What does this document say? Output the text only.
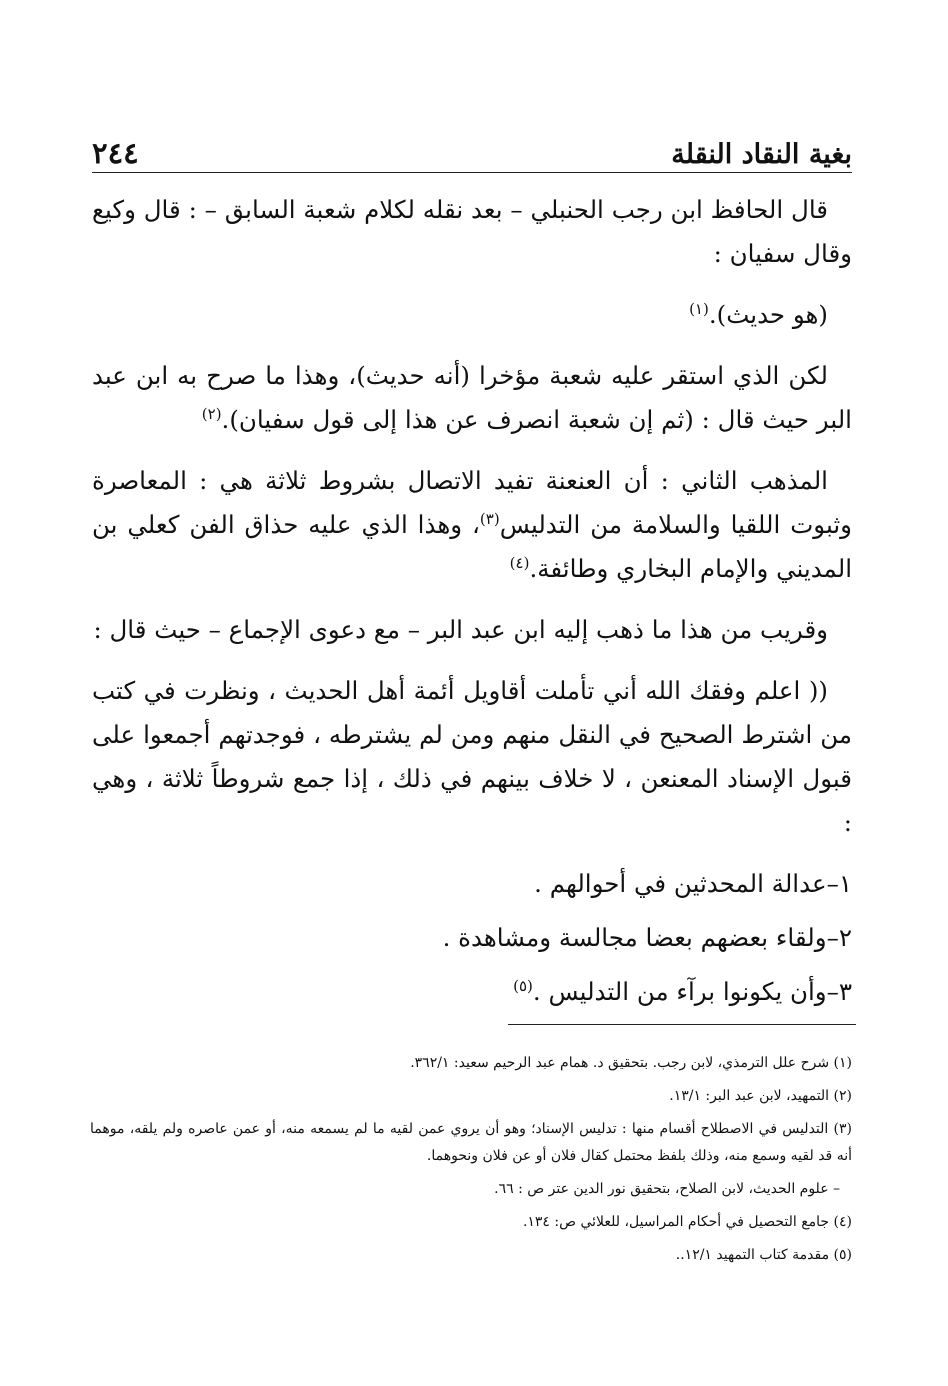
٢٤٤	بغية النقاد النقلة

قال الحافظ ابن رجب الحنبلي – بعد نقله لكلام شعبة السابق – : قال وكيع وقال سفيان :

(هو حديث).$^{(١)}$

لكن الذي استقر عليه شعبة مؤخرا (أنه حديث)، وهذا ما صرح به ابن عبد البر حيث قال : (ثم إن شعبة انصرف عن هذا إلى قول سفيان).$^{(٢)}$

المذهب الثاني : أن العنعنة تفيد الاتصال بشروط ثلاثة هي : المعاصرة وثبوت اللقيا والسلامة من التدليس$^{(٣)}$، وهذا الذي عليه حذاق الفن كعلي بن المديني والإمام البخاري وطائفة.$^{(٤)}$

وقريب من هذا ما ذهب إليه ابن عبد البر – مع دعوى الإجماع – حيث قال :

(( اعلم وفقك الله أني تأملت أقاويل أئمة أهل الحديث ، ونظرت في كتب من اشترط الصحيح في النقل منهم ومن لم يشترطه ، فوجدتهم أجمعوا على قبول الإسناد المعنعن ، لا خلاف بينهم في ذلك ، إذا جمع شروطاً ثلاثة ، وهي :

١–عدالة المحدثين في أحوالهم .

٢–ولقاء بعضهم بعضا مجالسة ومشاهدة .

٣–وأن يكونوا برآء من التدليس .$^{(٥)}$

(١) شرح علل الترمذي، لابن رجب. بتحقيق د. همام عبد الرحيم سعيد: ٣٦٢/١.

(٢) التمهيد، لابن عبد البر: ١٣/١.

(٣) التدليس في الاصطلاح أقسام منها : تدليس الإسناد؛ وهو أن يروي عمن لقيه ما لم يسمعه منه، أو عمن عاصره ولم يلقه، موهما أنه قد لقيه وسمع منه، وذلك بلفظ محتمل كقال فلان أو عن فلان ونحوهما.

– علوم الحديث، لابن الصلاح، بتحقيق نور الدين عتر ص : ٦٦.

(٤) جامع التحصيل في أحكام المراسيل، للعلائي ص: ١٣٤.

(٥) مقدمة كتاب التمهيد ١٢/١..
